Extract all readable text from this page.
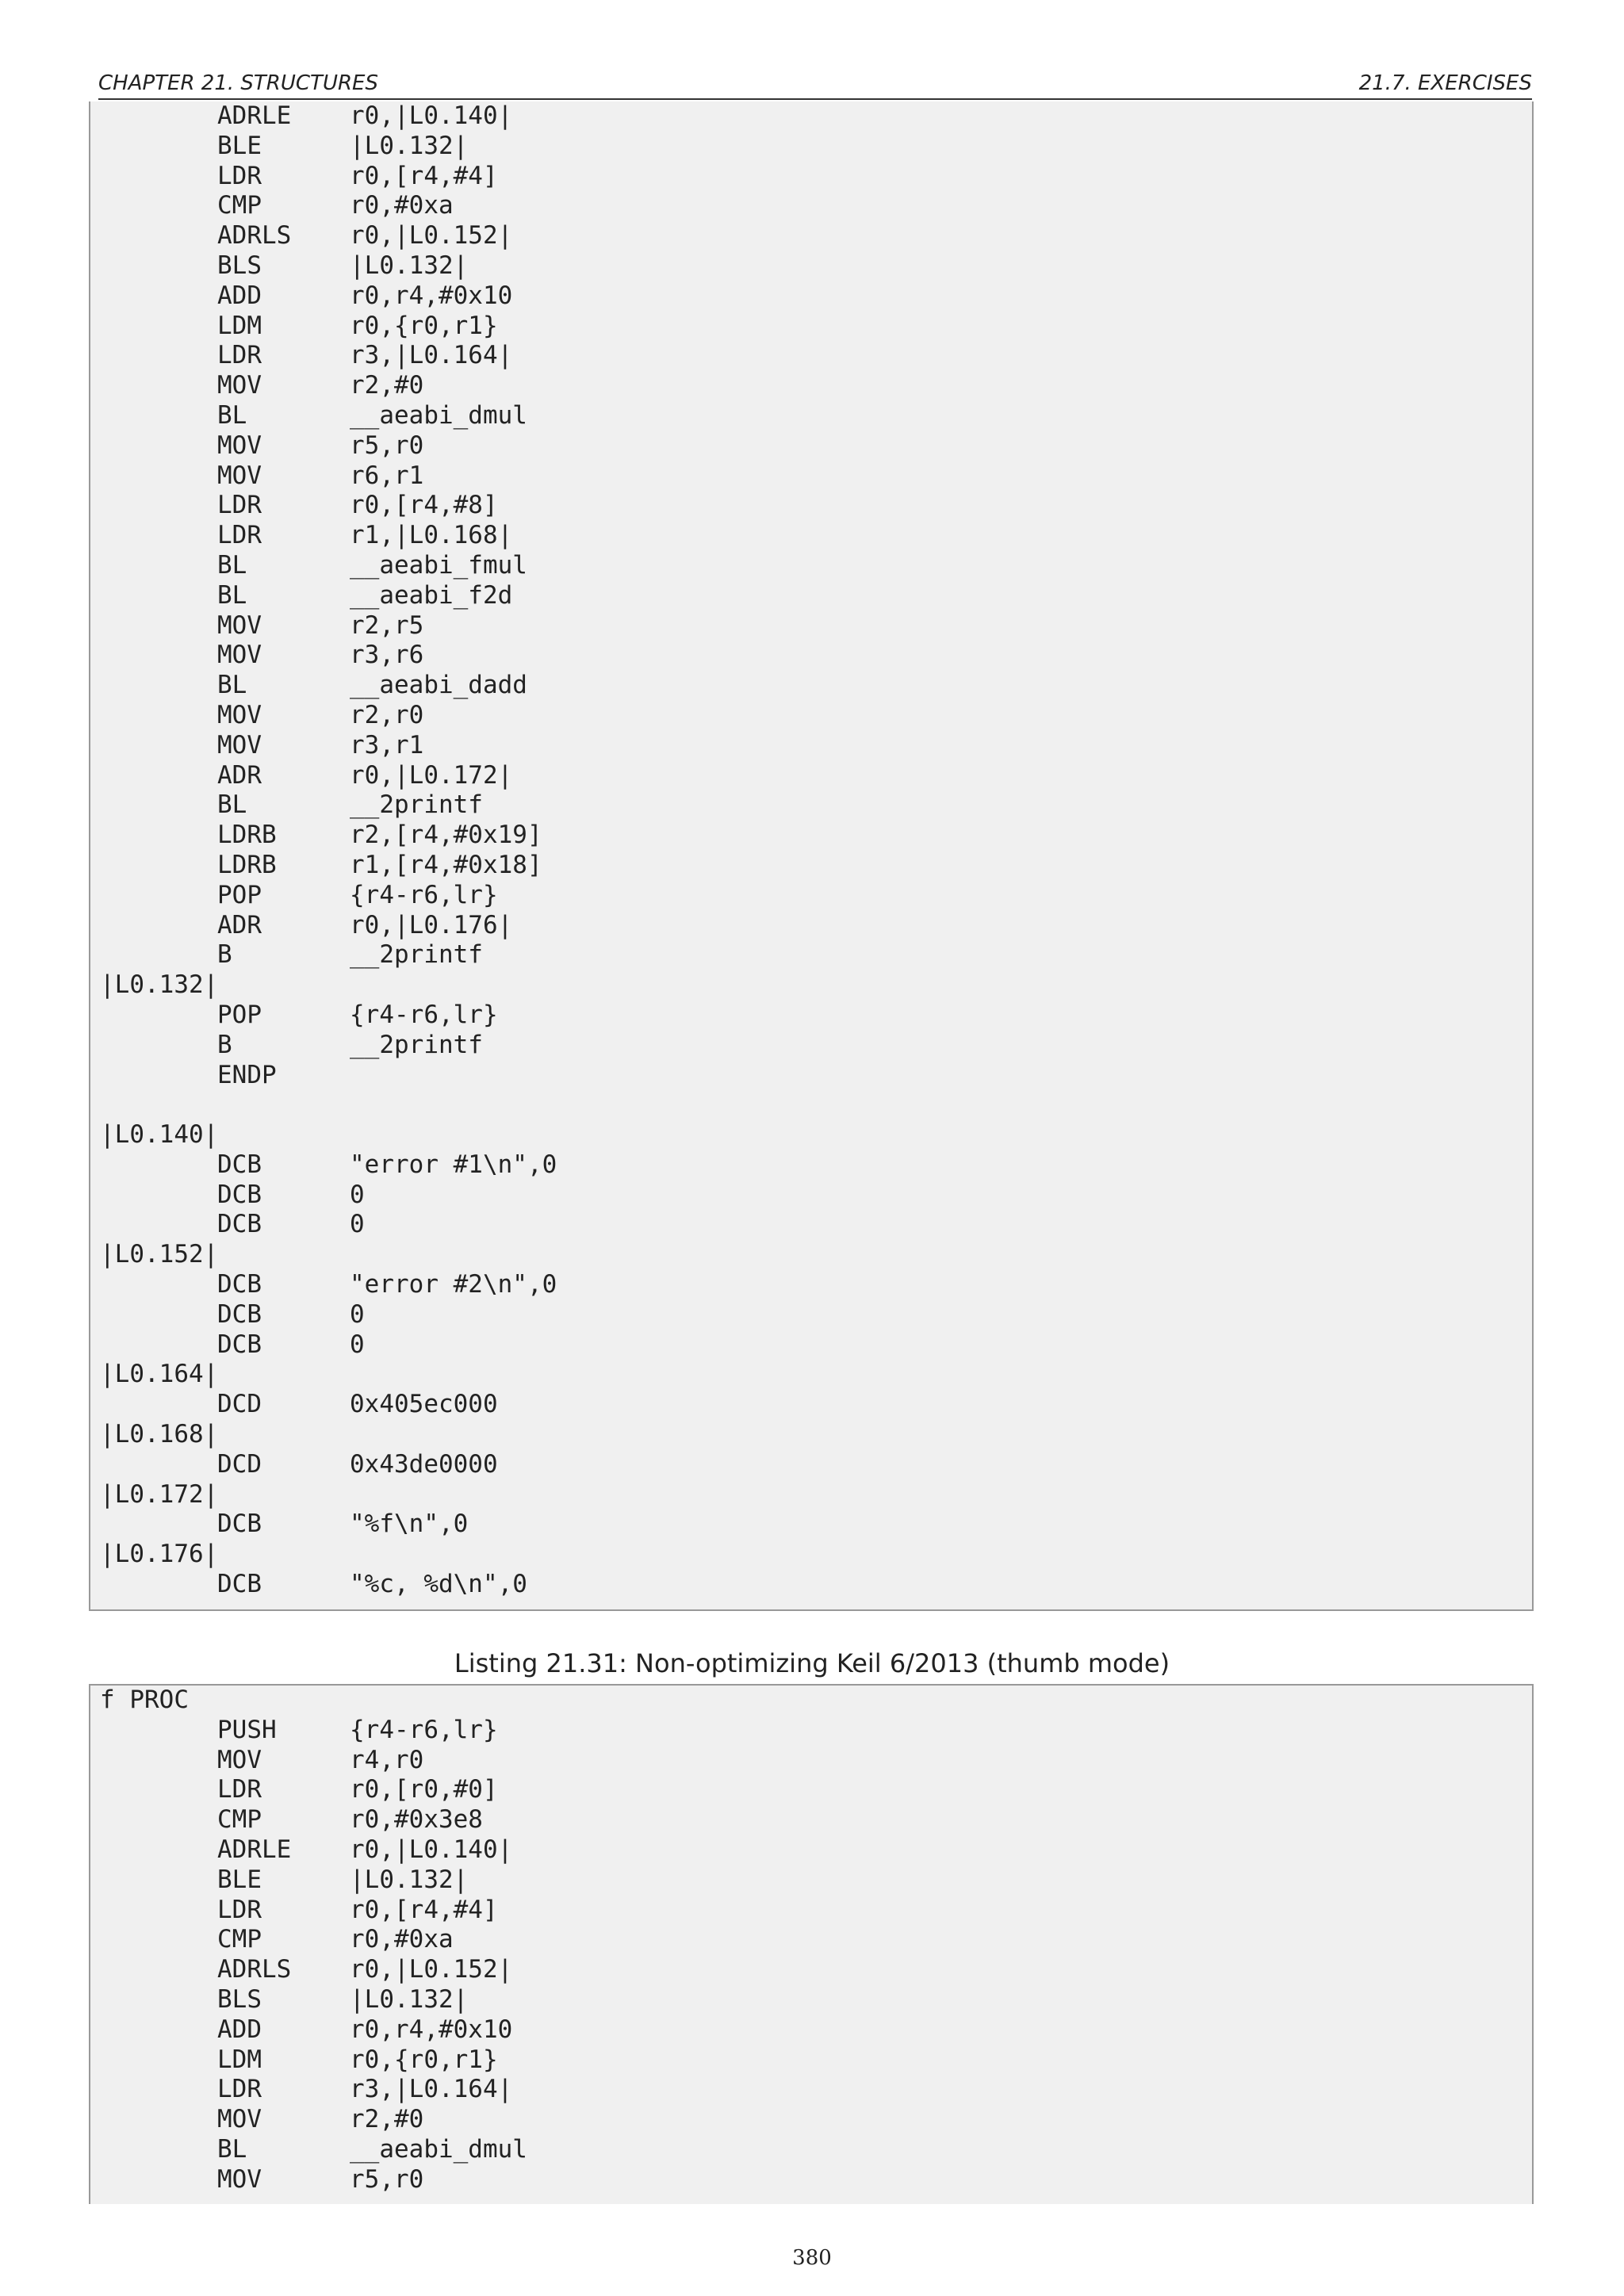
CHAPTER 21. STRUCTURES	21.7. EXERCISES
ADRLE r0,|L0.140|
BLE	|L0.132|
LDR	r0,[r4,#4]
CMP	r0,#0xa
ADRLS r0,|L0.152|
BLS	|L0.132|
ADD	r0,r4,#0x10
LDM	r0,{r0,r1}
LDR	r3,|L0.164|
MOV	r2,#0
BL	__aeabi_dmul
MOV	r5,r0
MOV	r6,r1
LDR	r0,[r4,#8]
LDR	r1,|L0.168|
BL	__aeabi_fmul
BL	__aeabi_f2d
MOV	r2,r5
MOV	r3,r6
BL	__aeabi_dadd
MOV	r2,r0
MOV	r3,r1
ADR	r0,|L0.172|
BL	__2printf
LDRB	r2,[r4,#0x19]
LDRB	r1,[r4,#0x18]
POP	{r4-r6,lr}
ADR	r0,|L0.176|
B	__2printf
|L0.132|
POP	{r4-r6,lr}
B	__2printf
ENDP
|L0.140|
DCB	"error #1\n",0
DCB	0
DCB	0
|L0.152|
DCB	"error #2\n",0
DCB	0
DCB	0
|L0.164|
DCD	0x405ec000
|L0.168|
DCD	0x43de0000
|L0.172|
DCB	"%f\n",0
|L0.176|
DCB	"%c, %d\n",0
Listing 21.31: Non-optimizing Keil 6/2013 (thumb mode)
f PROC
PUSH	{r4-r6,lr}
MOV	r4,r0
LDR	r0,[r0,#0]
CMP	r0,#0x3e8
ADRLE r0,|L0.140|
BLE	|L0.132|
LDR	r0,[r4,#4]
CMP	r0,#0xa
ADRLS r0,|L0.152|
BLS	|L0.132|
ADD	r0,r4,#0x10
LDM	r0,{r0,r1}
LDR	r3,|L0.164|
MOV	r2,#0
BL	__aeabi_dmul
MOV	r5,r0
380
